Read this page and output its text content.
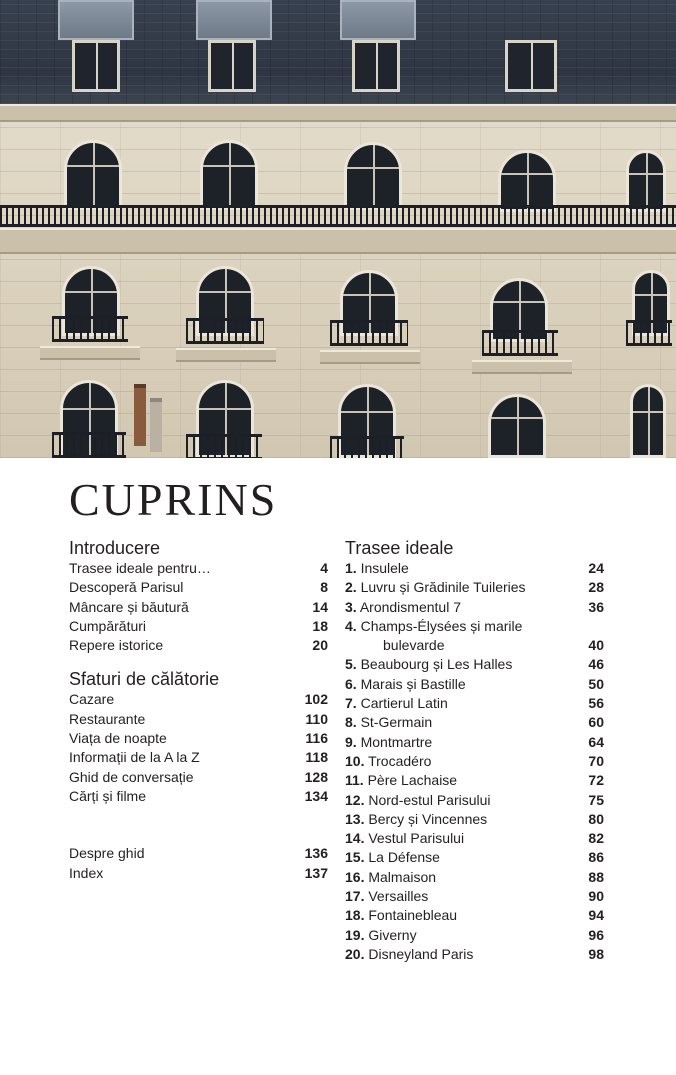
CUPRINS
Introducere
Trasee ideale pentru…	4
Descoperă Parisul	8
Mâncare și băutură	14
Cumpărături	18
Repere istorice	20
Sfaturi de călătorie
Cazare	102
Restaurante	110
Viața de noapte	116
Informații de la A la Z	118
Ghid de conversație	128
Cărți și filme	134
Despre ghid	136
Index	137
Trasee ideale
1. Insulele	24
2. Luvru și Grădinile Tuileries	28
3. Arondismentul 7	36
4. Champs-Élysées și marile
bulevarde	40
5. Beaubourg și Les Halles	46
6. Marais și Bastille	50
7. Cartierul Latin	56
8. St-Germain	60
9. Montmartre	64
10. Trocadéro	70
11. Père Lachaise	72
12. Nord-estul Parisului	75
13. Bercy și Vincennes	80
14. Vestul Parisului	82
15. La Défense	86
16. Malmaison	88
17. Versailles	90
18. Fontainebleau	94
19. Giverny	96
20. Disneyland Paris	98
